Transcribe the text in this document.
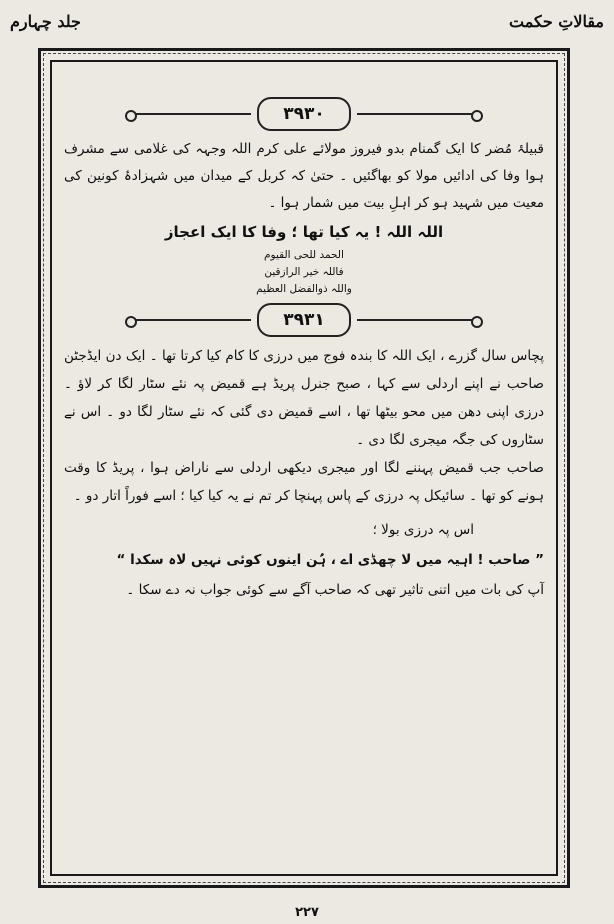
جلد چہارم	مقالاتِ حکمت
۳۹۳۰

قبیلۂ مُضر کا ایک گمنام بدو فیروز مولائے علی کرم اللہ وجہہ کی غلامی سے مشرف ہوا وفا کی ادائیں مولا کو بھاگئیں ۔ حتیٰ کہ کربل کے میدان میں شہزادۂ کونین کی معیت میں شہید ہو کر اہلِ بیت میں شمار ہوا ۔

اللہ اللہ ! یہ کیا تھا ؛ وفا کا ایک اعجاز
الحمد للحی القیوم
فاللہ خیر الرازقین
واللہ ذوالفضل العظیم
۳۹۳۱

پچاس سال گزرے ، ایک اللہ کا بندہ فوج میں درزی کا کام کیا کرتا تھا ۔ ایک دن ایڈجٹن صاحب نے اپنے اردلی سے کہا ، صبح جنرل پریڈ ہے قمیض پہ نئے سٹار لگا کر لاؤ ۔ درزی اپنی دھن میں محو بیٹھا تھا ، اسے قمیض دی گئی کہ نئے سٹار لگا دو ۔ اس نے سٹاروں کی جگہ میجری لگا دی ۔

صاحب جب قمیض پہننے لگا اور میجری دیکھی اردلی سے ناراض ہوا ، پریڈ کا وقت ہونے کو تھا ۔ سائیکل پہ درزی کے پاس پہنچا کر تم نے یہ کیا کیا ؛ اسے فوراً اتار دو ۔

اس پہ درزی بولا ؛

” صاحب ! اہیہ میں لا چھڈی اے ، ہُن اینوں کوئی نہیں لاہ سکدا “

آپ کی بات میں اتنی تاثیر تھی کہ صاحب آگے سے کوئی جواب نہ دے سکا ۔

۲۲۷
